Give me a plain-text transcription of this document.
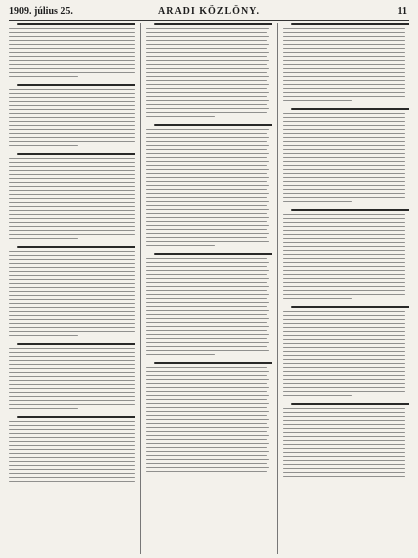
1909. július 25.	ARADI KÖZLÖNY.	11
